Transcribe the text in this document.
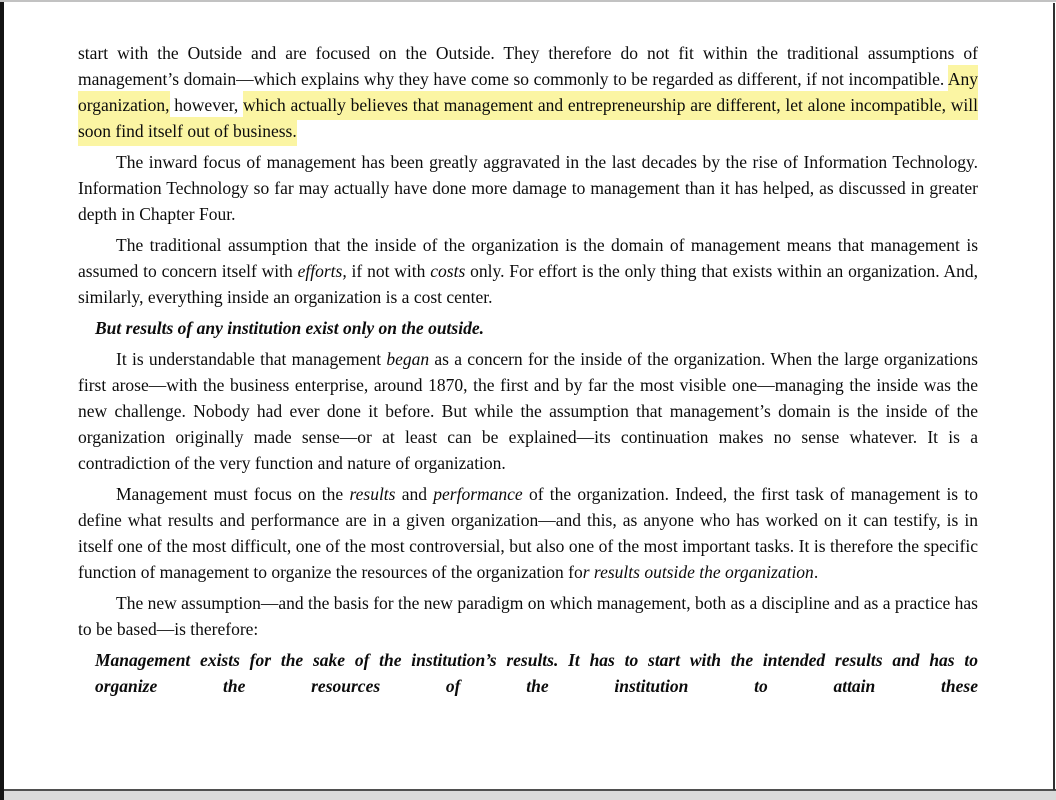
start with the Outside and are focused on the Outside. They therefore do not fit within the traditional assumptions of management’s domain—which explains why they have come so commonly to be regarded as different, if not incompatible. Any organization, however, which actually believes that management and entrepreneurship are different, let alone incompatible, will soon find itself out of business.

The inward focus of management has been greatly aggravated in the last decades by the rise of Information Technology. Information Technology so far may actually have done more damage to management than it has helped, as discussed in greater depth in Chapter Four.

The traditional assumption that the inside of the organization is the domain of management means that management is assumed to concern itself with efforts, if not with costs only. For effort is the only thing that exists within an organization. And, similarly, everything inside an organization is a cost center.

But results of any institution exist only on the outside.

It is understandable that management began as a concern for the inside of the organization. When the large organizations first arose—with the business enterprise, around 1870, the first and by far the most visible one—managing the inside was the new challenge. Nobody had ever done it before. But while the assumption that management’s domain is the inside of the organization originally made sense—or at least can be explained—its continuation makes no sense whatever. It is a contradiction of the very function and nature of organization.

Management must focus on the results and performance of the organization. Indeed, the first task of management is to define what results and performance are in a given organization—and this, as anyone who has worked on it can testify, is in itself one of the most difficult, one of the most controversial, but also one of the most important tasks. It is therefore the specific function of management to organize the resources of the organization for results outside the organization.

The new assumption—and the basis for the new paradigm on which management, both as a discipline and as a practice has to be based—is therefore:

Management exists for the sake of the institution’s results. It has to start with the intended results and has to organize the resources of the institution to attain these
